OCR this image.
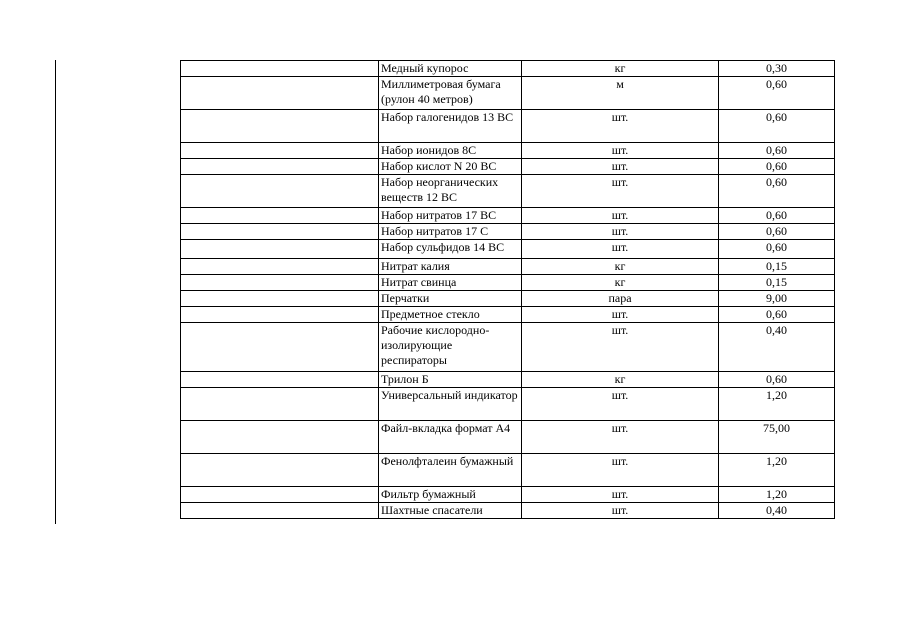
	Медный купорос	кг	0,30
	Миллиметровая бумага (рулон 40 метров)	м	0,60
	Набор галогенидов 13 ВС	шт.	0,60
	Набор ионидов 8С	шт.	0,60
	Набор кислот N 20 ВС	шт.	0,60
	Набор неорганических веществ 12 ВС	шт.	0,60
	Набор нитратов 17 ВС	шт.	0,60
	Набор нитратов 17 С	шт.	0,60
	Набор сульфидов 14 ВС	шт.	0,60
	Нитрат калия	кг	0,15
	Нитрат свинца	кг	0,15
	Перчатки	пара	9,00
	Предметное стекло	шт.	0,60
	Рабочие кислородно-изолирующие респираторы	шт.	0,40
	Трилон Б	кг	0,60
	Универсальный индикатор	шт.	1,20
	Файл-вкладка формат А4	шт.	75,00
	Фенолфталеин бумажный	шт.	1,20
	Фильтр бумажный	шт.	1,20
	Шахтные спасатели	шт.	0,40
